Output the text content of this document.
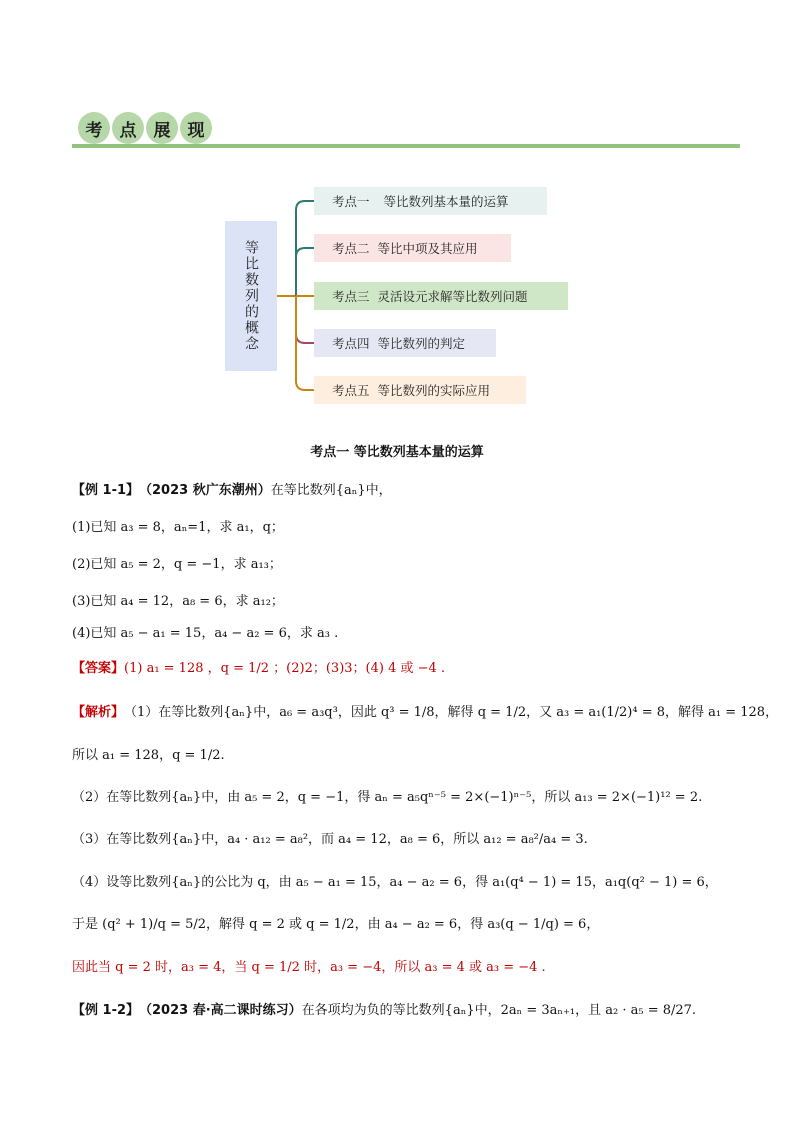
考	点	展	现
等比数列的概念
考点一 等比数列基本量的运算
考点二 等比中项及其应用
考点三 灵活设元求解等比数列问题
考点四 等比数列的判定
考点五 等比数列的实际应用
考点一 等比数列基本量的运算
【例 1-1】 （2023 秋广东潮州） 在等比数列{aₙ}中，
(1)已知 a₃ = 8，aₙ=1，求 a₁，q；
(2)已知 a₅ = 2，q = −1，求 a₁₃；
(3)已知 a₄ = 12，a₈ = 6，求 a₁₂；
(4)已知 a₅ − a₁ = 15，a₄ − a₂ = 6，求 a₃ .
【答案】 (1) a₁ = 128 ，q = 1/2 ；(2)2；(3)3；(4) 4 或 −4 .
【解析】 （1）在等比数列{aₙ}中，a₆ = a₃q³，因此 q³ = 1/8，解得 q = 1/2，又 a₃ = a₁(1/2)⁴ = 8，解得 a₁ = 128，
所以 a₁ = 128，q = 1/2.
（2）在等比数列{aₙ}中，由 a₅ = 2，q = −1，得 aₙ = a₅qⁿ⁻⁵ = 2×(−1)ⁿ⁻⁵，所以 a₁₃ = 2×(−1)¹² = 2.
（3）在等比数列{aₙ}中，a₄ · a₁₂ = a₈²，而 a₄ = 12，a₈ = 6，所以 a₁₂ = a₈²/a₄ = 3.
（4）设等比数列{aₙ}的公比为 q，由 a₅ − a₁ = 15，a₄ − a₂ = 6，得 a₁(q⁴ − 1) = 15，a₁q(q² − 1) = 6，
于是 (q² + 1)/q = 5/2，解得 q = 2 或 q = 1/2，由 a₄ − a₂ = 6，得 a₃(q − 1/q) = 6，
因此当 q = 2 时，a₃ = 4，当 q = 1/2 时，a₃ = −4，所以 a₃ = 4 或 a₃ = −4 .
【例 1-2】 （2023 春·高二课时练习） 在各项均为负的等比数列{aₙ}中，2aₙ = 3aₙ₊₁，且 a₂ · a₅ = 8/27.
